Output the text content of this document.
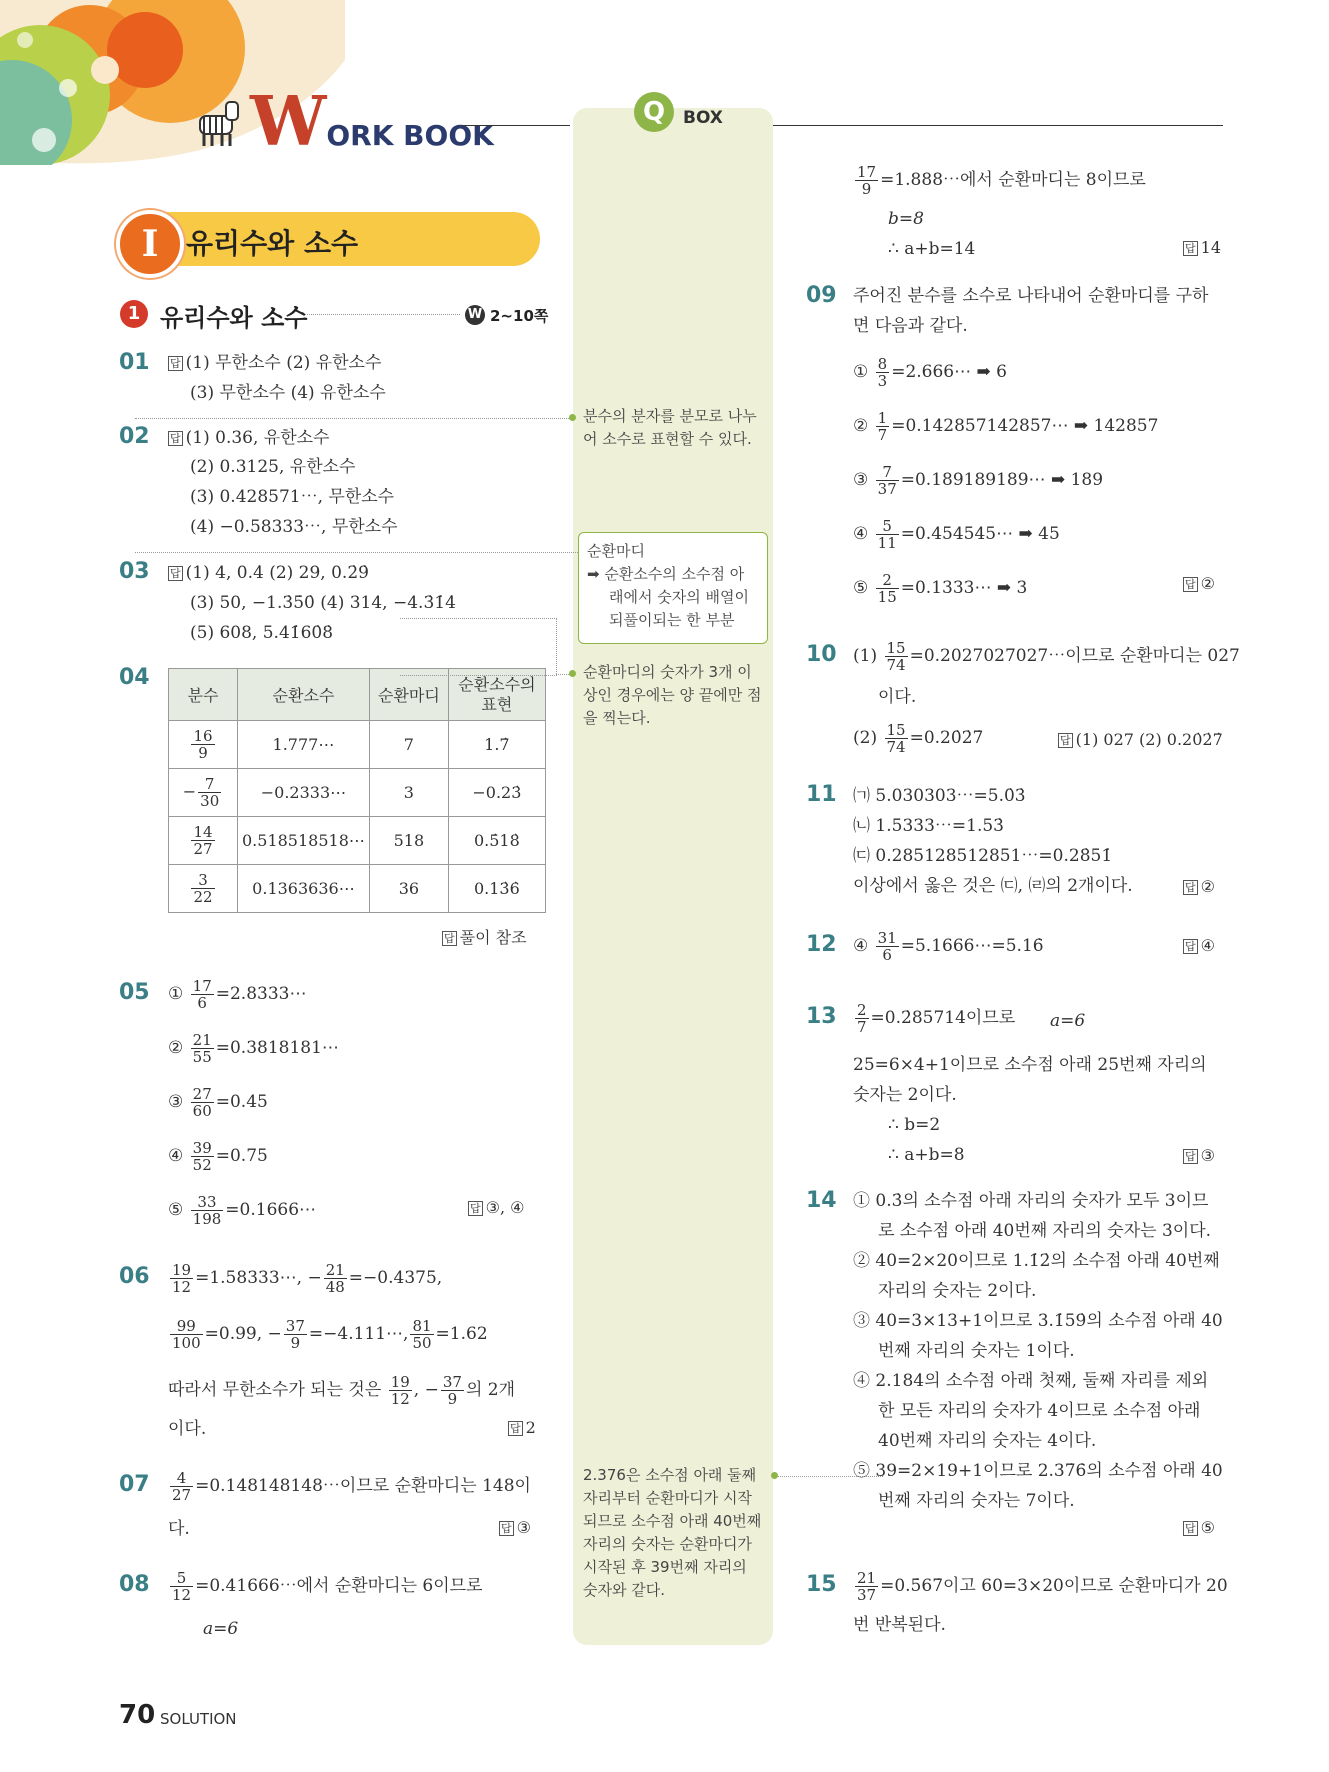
WORK BOOK
Q	BOX
I 유리수와 소수
1 유리수와 소수	W 2~10쪽
01 답 (1) 무한소수 (2) 유한소수
(3) 무한소수 (4) 유한소수
02 답 (1) 0.36, 유한소수
(2) 0.3125, 유한소수
(3) 0.428571⋯, 무한소수
(4) −0.58333⋯, 무한소수
03 답 (1) 4, 0.4̇ (2) 29, 0.2̇9̇
(3) 50, −1.3̇5̇0̇ (4) 314, −4.3̇1̇4̇
(5) 608, 5.41̇60̇8̇
04
분수	순환소수	순환마디	순환소수의 표현

$\frac{16}{9}$	1.777⋯	7	1.7̇
− $\frac{7}{30}$	−0.2333⋯	3	−0.23̇

$\frac{14}{27}$	0.518518518⋯	518	0.5̇18̇

$\frac{3}{22}$	0.1363636⋯	36	0.13̇6̇
답 풀이 참조
05 ① $\frac{17}{6}$ =2.8333⋯
② $\frac{21}{55}$ =0.3818181⋯
③ $\frac{27}{60} =0.45$
④ $\frac{39}{52} =0.75$
⑤ $\frac{33}{198}$ =0.1666⋯	답 ③, ④
$06 \frac{19}{12}$ =1.58333⋯, − $\frac{21}{48} =-0.4375$,
$\frac{99}{100} =0.99$, − $\frac{37}{9}$ =−4.111⋯, $\frac{81}{50} =1.62$
따라서 무한소수가 되는 것은 $\frac{19}{12}$ , − $\frac{37}{9}$ 의 2개
이다.	답 2
$07 \frac{4}{27}$ =0.148148148⋯이므로 순환마디는 148이
다.	답 ③
$08 \frac{5}{12}$ =0.41666⋯에서 순환마디는 6이므로
a=6
70 SOLUTION
분수의 분자를 분모로 나누
어 소수로 표현할 수 있다.
순환마디
➡ 순환소수의 소수점 아
래에서 숫자의 배열이
되풀이되는 한 부분
순환마디의 숫자가 3개 이
상인 경우에는 양 끝에만 점
을 찍는다.
2.376은 소수점 아래 둘째
자리부터 순환마디가 시작
되므로 소수점 아래 40번째
자리의 숫자는 순환마디가
시작된 후 39번째 자리의
숫자와 같다.
$\frac{17}{9}$ =1.888⋯에서 순환마디는 8이므로
b=8
∴ a+b=14	답 14
09 주어진 분수를 소수로 나타내어 순환마디를 구하
면 다음과 같다.
① $\frac{8}{3}$ =2.666⋯ ➡ 6
② $\frac{1}{7}$ =0.142857142857⋯ ➡ 142857
③ $\frac{7}{37}$ =0.189189189⋯ ➡ 189
④ $\frac{5}{11}$ =0.454545⋯ ➡ 45
⑤ $\frac{2}{15}$ =0.1333⋯ ➡ 3	답 ②
10 $(1) \frac{15}{74}$ =0.2027027027⋯이므로 순환마디는 027
이다.
$(2) \frac{15}{74}$ =0.20̇2̇7̇	답 (1) 027 (2) 0.20̇2̇7̇
11 ㈀ 5.030303⋯=5.0̇3̇
㈁ 1.5333⋯=1.53̇
㈂ 0.285128512851⋯=0.28̇51̇
이상에서 옳은 것은 ㈂, ㈃의 2개이다.	답 ②
12 ④ $\frac{31}{6}$ =5.1666⋯=5.16̇	답 ④
$13 \frac{2}{7}$ =0.2̇85714̇이므로 a=6
25=6×4+1이므로 소수점 아래 25번째 자리의
숫자는 2이다.
∴ b=2
∴ a+b=8	답 ③
14 ① 0.3̇의 소수점 아래 자리의 숫자가 모두 3이므
로 소수점 아래 40번째 자리의 숫자는 3이다.
② 40=2×20이므로 1.1̇2̇의 소수점 아래 40번째
자리의 숫자는 2이다.
③ 40=3×13+1이므로 3.1̇59̇의 소수점 아래 40
번째 자리의 숫자는 1이다.
④ 2.184̇의 소수점 아래 첫째, 둘째 자리를 제외
한 모든 자리의 숫자가 4이므로 소수점 아래
40번째 자리의 숫자는 4이다.
⑤ 39=2×19+1이므로 2.37̇6̇의 소수점 아래 40
번째 자리의 숫자는 7이다.
답 ⑤
$15 \frac{21}{37}$ =0.5̇67̇이고 60=3×20이므로 순환마디가 20
번 반복된다.
